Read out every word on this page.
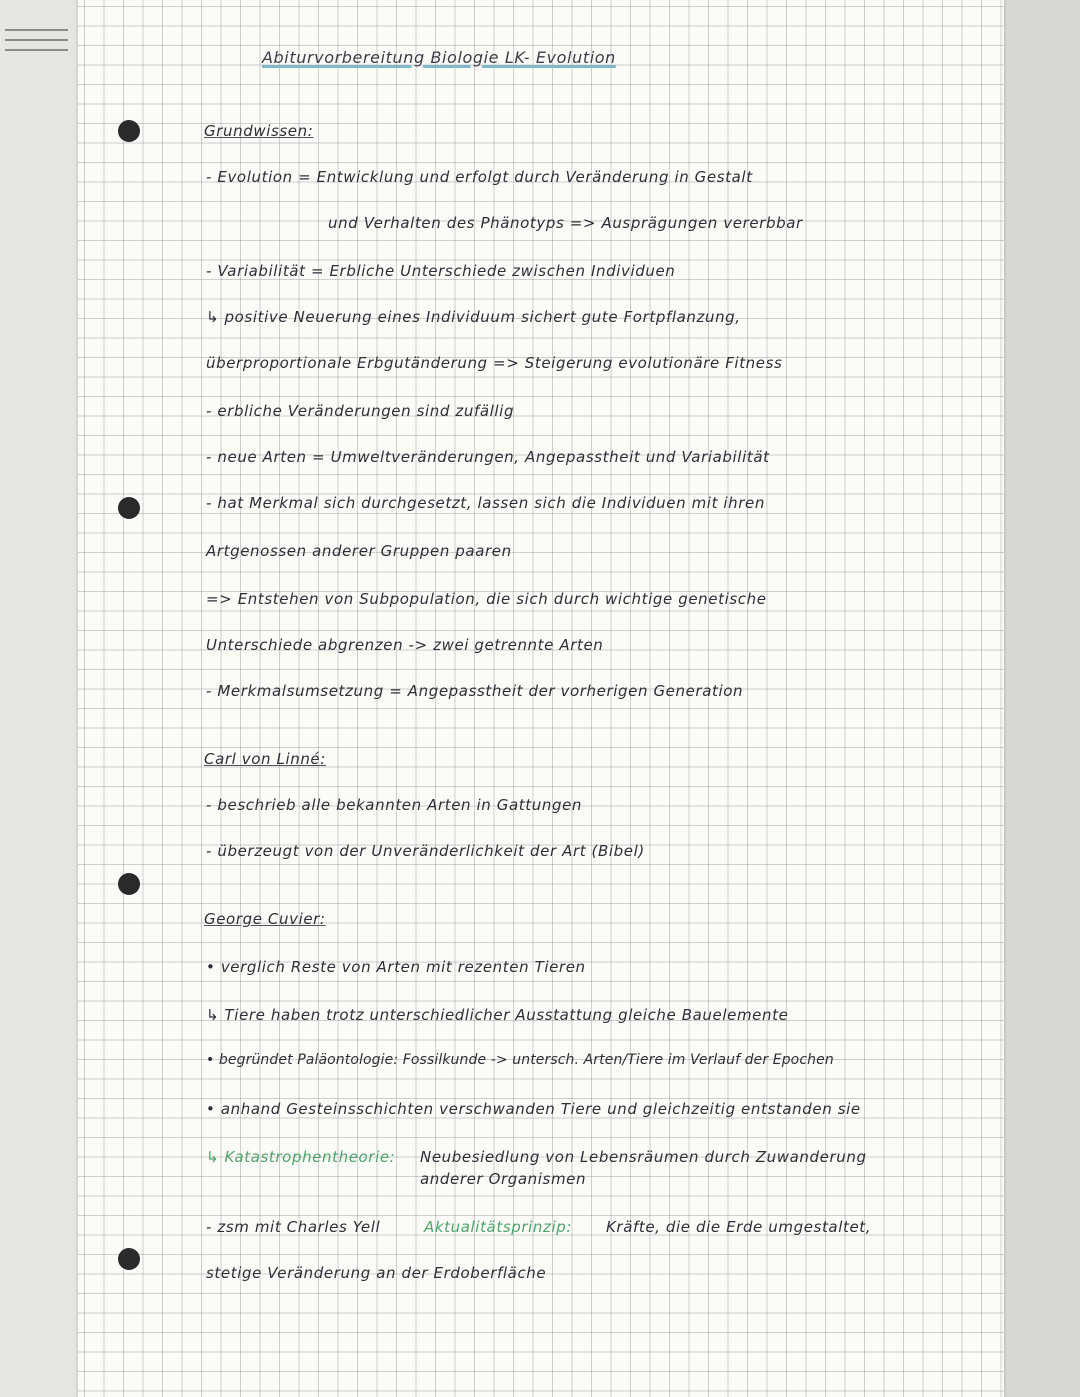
Abiturvorbereitung Biologie LK- Evolution
Grundwissen:
- Evolution = Entwicklung und erfolgt durch Veränderung in Gestalt
und Verhalten des Phänotyps => Ausprägungen vererbbar
- Variabilität = Erbliche Unterschiede zwischen Individuen
↳ positive Neuerung eines Individuum sichert gute Fortpflanzung,
überproportionale Erbgutänderung => Steigerung evolutionäre Fitness
- erbliche Veränderungen sind zufällig
- neue Arten = Umweltveränderungen, Angepasstheit und Variabilität
- hat Merkmal sich durchgesetzt, lassen sich die Individuen mit ihren
Artgenossen anderer Gruppen paaren
=> Entstehen von Subpopulation, die sich durch wichtige genetische
Unterschiede abgrenzen -> zwei getrennte Arten
- Merkmalsumsetzung = Angepasstheit der vorherigen Generation
Carl von Linné:
- beschrieb alle bekannten Arten in Gattungen
- überzeugt von der Unveränderlichkeit der Art (Bibel)
George Cuvier:
• verglich Reste von Arten mit rezenten Tieren
↳ Tiere haben trotz unterschiedlicher Ausstattung gleiche Bauelemente
• begründet Paläontologie: Fossilkunde -> untersch. Arten/Tiere im Verlauf der Epochen
• anhand Gesteinsschichten verschwanden Tiere und gleichzeitig entstanden sie
↳ Katastrophentheorie: Neubesiedlung von Lebensräumen durch Zuwanderung
anderer Organismen
- zsm mit Charles Yell	Aktualitätsprinzip: Kräfte, die die Erde umgestaltet,
stetige Veränderung an der Erdoberfläche
